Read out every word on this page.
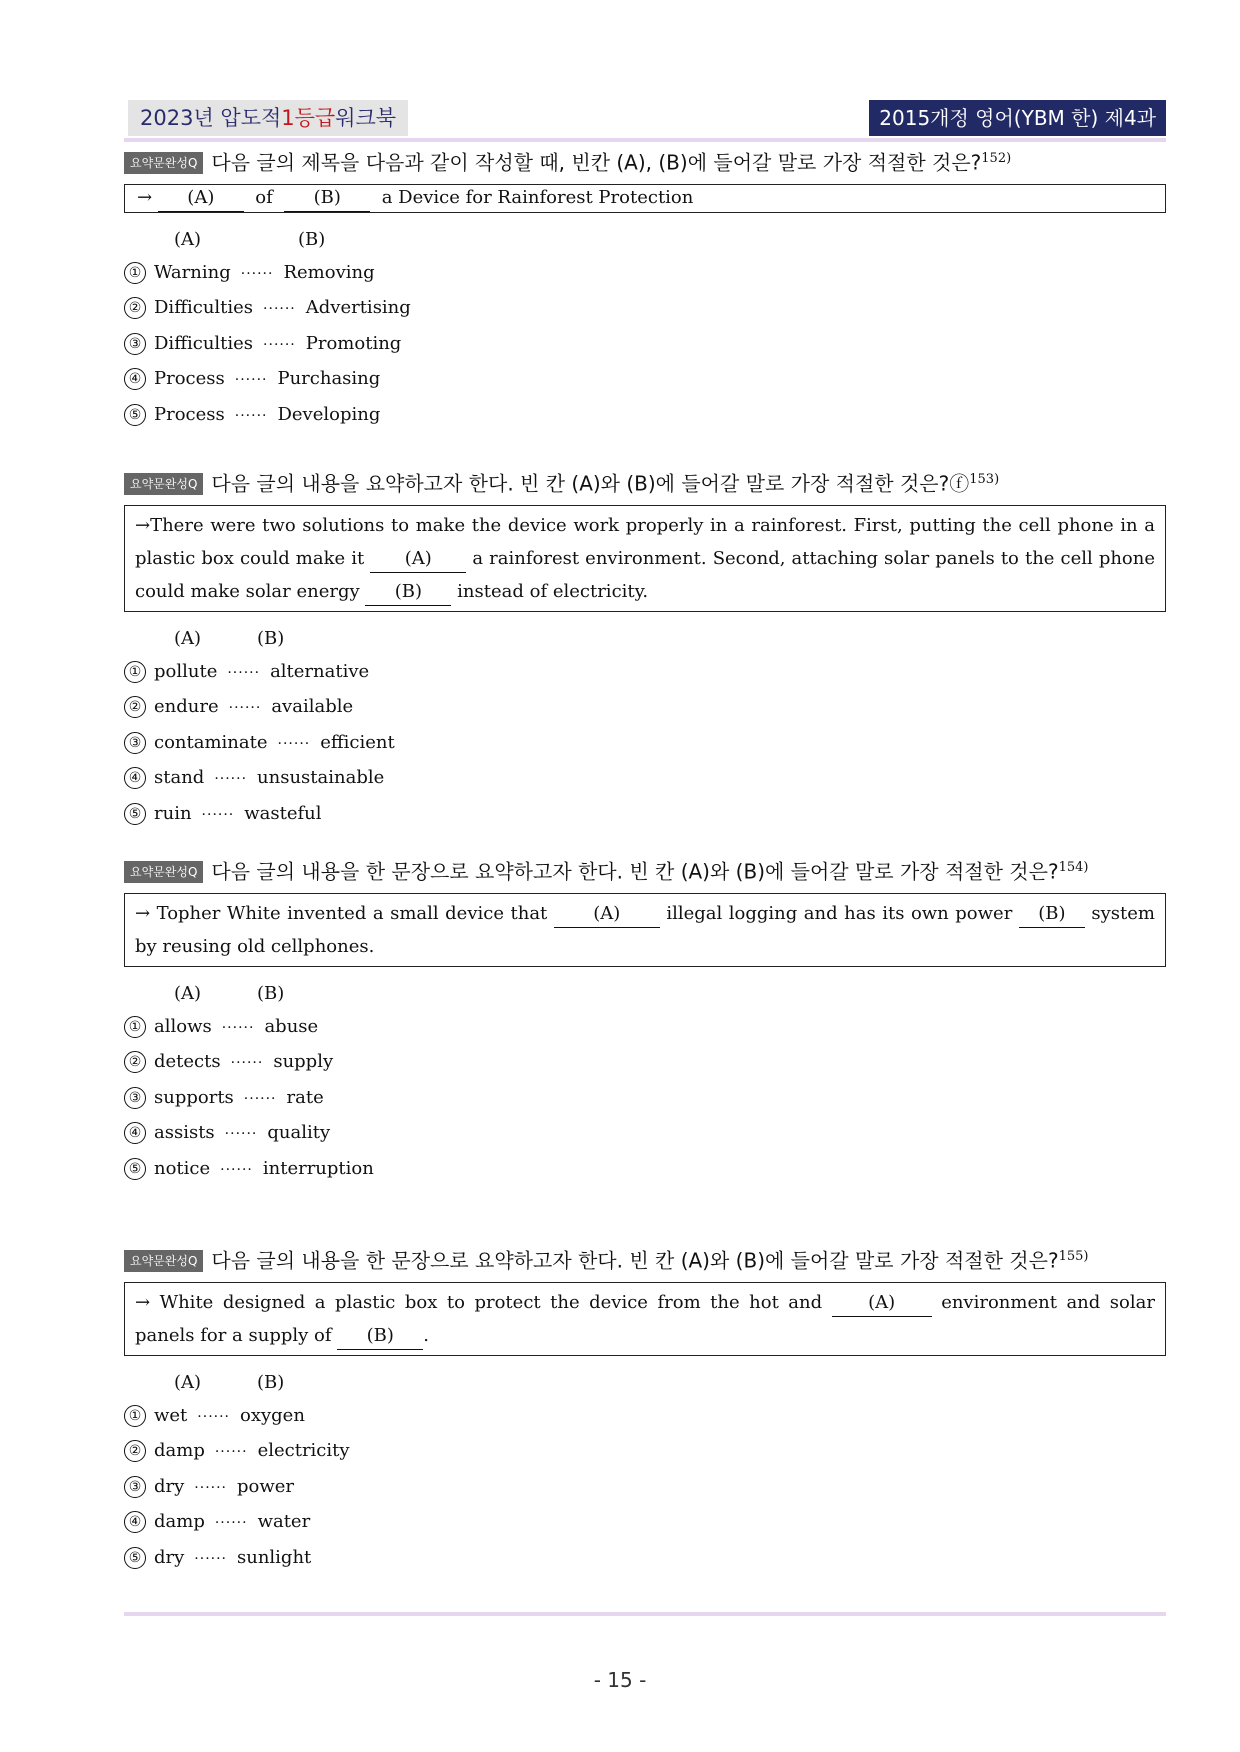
2023년 압도적1등급워크북	2015개정 영어(YBM 한) 제4과
요약문완성Q 다음 글의 제목을 다음과 같이 작성할 때, 빈칸 (A), (B)에 들어갈 말로 가장 적절한 것은?$^{152)}$
→ (A) of (B) a Device for Rainforest Protection
(A)	(B)
① Warning ······ Removing
② Difficulties ······ Advertising
③ Difficulties ······ Promoting
④ Process ······ Purchasing
⑤ Process ······ Developing
요약문완성Q 다음 글의 내용을 요약하고자 한다. 빈 칸 (A)와 (B)에 들어갈 말로 가장 적절한 것은?ⓕ$^{153)}$
→There were two solutions to make the device work properly in a rainforest. First, putting the cell phone in a plastic box could make it (A) a rainforest environment. Second, attaching solar panels to the cell phone could make solar energy (B) instead of electricity.
(A)	(B)
① pollute ······ alternative
② endure ······ available
③ contaminate ······ efficient
④ stand ······ unsustainable
⑤ ruin ······ wasteful
요약문완성Q 다음 글의 내용을 한 문장으로 요약하고자 한다. 빈 칸 (A)와 (B)에 들어갈 말로 가장 적절한 것은?$^{154)}$
→ Topher White invented a small device that	(A)	illegal logging and has its own power (B) system by reusing old cellphones.
(A)	(B)
① allows ······ abuse
② detects ······ supply
③ supports ······ rate
④ assists ······ quality
⑤ notice ······ interruption
요약문완성Q 다음 글의 내용을 한 문장으로 요약하고자 한다. 빈 칸 (A)와 (B)에 들어갈 말로 가장 적절한 것은?$^{155)}$
→ White designed a plastic box to protect the device from the hot and	(A)	environment and solar panels for a supply of (B) .
(A)	(B)
① wet ······ oxygen
② damp ······ electricity
③ dry ······ power
④ damp ······ water
⑤ dry ······ sunlight
- 15 -
